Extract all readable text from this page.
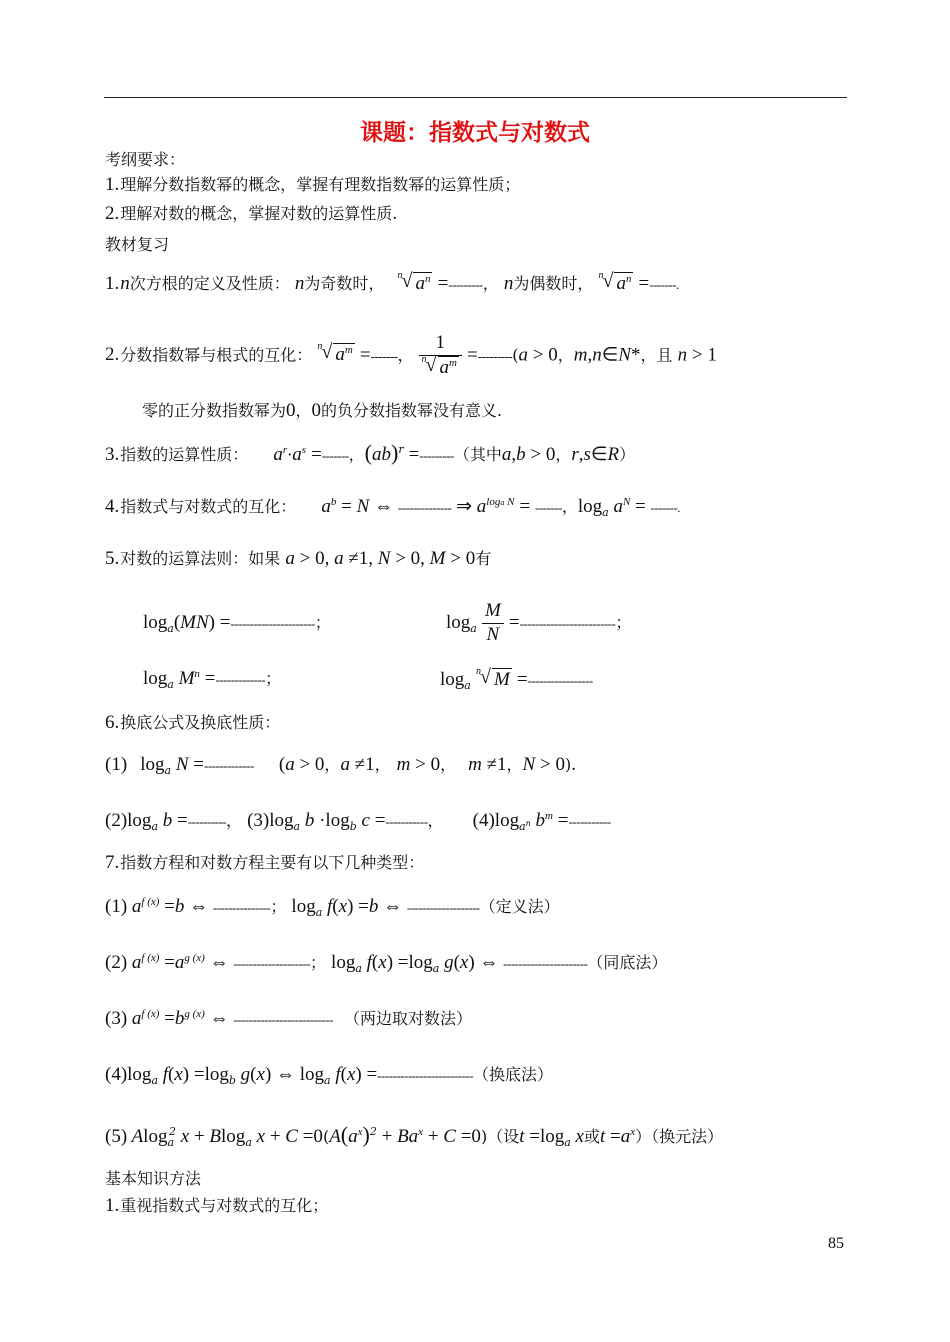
课题：指数式与对数式
考纲要求：
1.理解分数指数幂的概念，掌握有理数指数幂的运算性质；
2.理解对数的概念，掌握对数的运算性质.
教材复习
1.n次方根的定义及性质： n为奇数时， n √ $a^n$ =---------， n为偶数时， n √ $a^n$ =-------.
2.分数指数幂与根式的互化： n √ $a^m$ =-------， $\frac{1}{n √ a^m} =---------(a > 0$，m,n∈N*，且 n > 1
零的正分数指数幂为0，0的负分数指数幂没有意义.
3.指数的运算性质： $a^r\cdot a^s$ =-------，(ab)$^r$ =---------（其中a,b > 0，r,s∈R）
4.指数式与对数式的互化： $a^b = N$ ⇔ -------------- ⇒ $a^{loga N}$ = -------，$\log_a a^N$ = -------.
5.对数的运算法则：如果 a > 0, a ≠1, N > 0, M > 0有
$\log_a(MN)$ =----------------------；	$\log_a \frac{M}{N}$ =-------------------------；
$\log_a M^n$ =-------------；	$\log_a$
n √ M =-----------------
6.换底公式及换底性质：
(1) $\log_a N$ =------------- (a > 0，a ≠1， m > 0， m ≠1，N > 0).
$(2)\log_a$ b =----------， $(3)\log_a$ $b \cdot\log_b$ c =-----------， $(4)\log_{a^n}$ $b^m$ =-----------
7.指数方程和对数方程主要有以下几种类型：
(1) $a^{f (x)} =b$ ⇔ ---------------； $\log_a f(x) =b$ ⇔ -------------------（定义法）
(2) $a^{f (x)} =a^{g (x)}$ ⇔ --------------------； $\log_a f(x) =\log_a$ g(x) ⇔ ----------------------（同底法）
(3) $a^{f (x)} =b^{g (x)}$ ⇔ -------------------------- （两边取对数法）
$(4)\log_a$ $f(x) =\log_b$ g(x) ⇔ $\log_a f(x)$ =-------------------------（换底法）
(5) Alog$_a^2$ x + Blog$_a$ $x + C =0(A(a^x)^2 + Ba^x + C =0)$（设$t =\log_a$ x或$t =a^x$）（换元法）
基本知识方法
1.重视指数式与对数式的互化；
85
